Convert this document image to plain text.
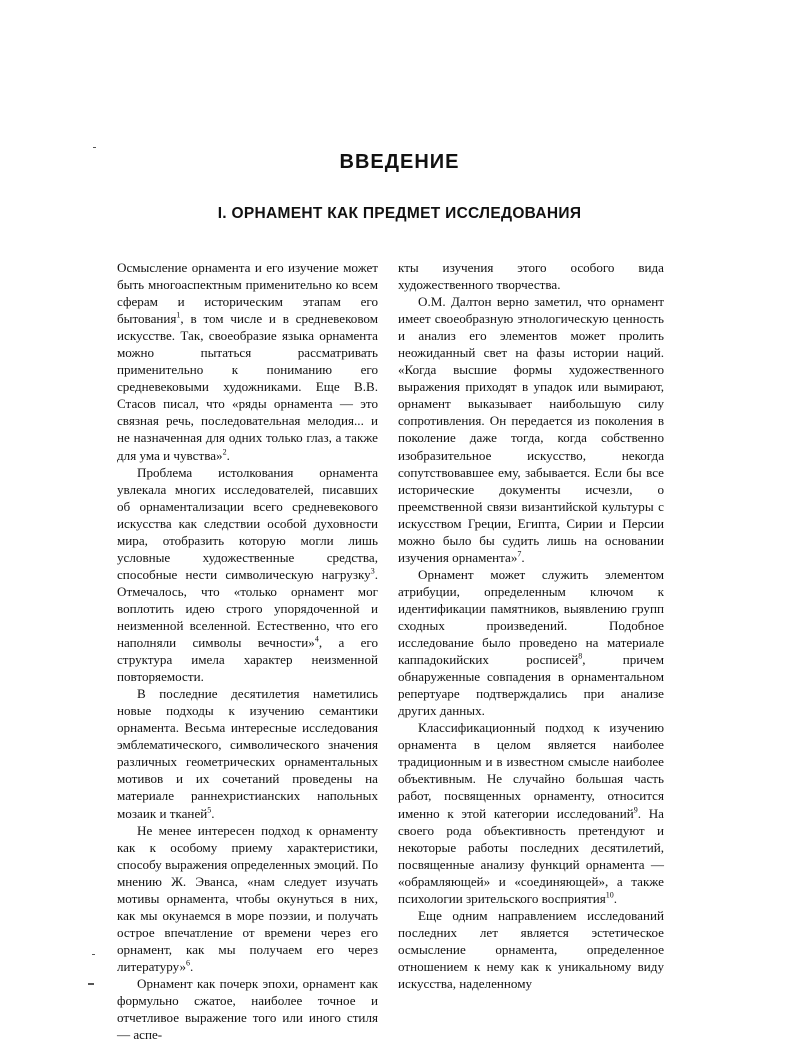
ВВЕДЕНИЕ
I. ОРНАМЕНТ КАК ПРЕДМЕТ ИССЛЕДОВАНИЯ

Осмысление орнамента и его изучение может быть многоаспектным применительно ко всем сферам и историческим этапам его бытования$^1$, в том числе и в средневековом искусстве. Так, своеобразие языка орнамента можно пытаться рассматривать применительно к пониманию его средневековыми художниками. Еще В.В. Стасов писал, что «ряды орнамента — это связная речь, последовательная мелодия... и не назначенная для одних только глаз, а также для ума и чувства»$^2$.

Проблема истолкования орнамента увлекала многих исследователей, писавших об орнаментализации всего средневекового искусства как следствии особой духовности мира, отобразить которую могли лишь условные художественные средства, способные нести символическую нагрузку$^3$. Отмечалось, что «только орнамент мог воплотить идею строго упорядоченной и неизменной вселенной. Естественно, что его наполняли символы вечности»$^4$, а его структура имела характер неизменной повторяемости.

В последние десятилетия наметились новые подходы к изучению семантики орнамента. Весьма интересные исследования эмблематического, символического значения различных геометрических орнаментальных мотивов и их сочетаний проведены на материале раннехристианских напольных мозаик и тканей$^5$.

Не менее интересен подход к орнаменту как к особому приему характеристики, способу выражения определенных эмоций. По мнению Ж. Эванса, «нам следует изучать мотивы орнамента, чтобы окунуться в них, как мы окунаемся в море поэзии, и получать острое впечатление от времени через его орнамент, как мы получаем его через литературу»$^6$.

Орнамент как почерк эпохи, орнамент как формульно сжатое, наиболее точное и отчетливое выражение того или иного стиля — аспе-

кты изучения этого особого вида художественного творчества.

О.М. Далтон верно заметил, что орнамент имеет своеобразную этнологическую ценность и анализ его элементов может пролить неожиданный свет на фазы истории наций. «Когда высшие формы художественного выражения приходят в упадок или вымирают, орнамент выказывает наибольшую силу сопротивления. Он передается из поколения в поколение даже тогда, когда собственно изобразительное искусство, некогда сопутствовавшее ему, забывается. Если бы все исторические документы исчезли, о преемственной связи византийской культуры с искусством Греции, Египта, Сирии и Персии можно было бы судить лишь на основании изучения орнамента»$^7$.

Орнамент может служить элементом атрибуции, определенным ключом к идентификации памятников, выявлению групп сходных произведений. Подобное исследование было проведено на материале каппадокийских росписей$^8$, причем обнаруженные совпадения в орнаментальном репертуаре подтверждались при анализе других данных.

Классификационный подход к изучению орнамента в целом является наиболее традиционным и в известном смысле наиболее объективным. Не случайно большая часть работ, посвященных орнаменту, относится именно к этой категории исследований$^9$. На своего рода объективность претендуют и некоторые работы последних десятилетий, посвященные анализу функций орнамента — «обрамляющей» и «соединяющей», а также психологии зрительского восприятия$^{10}$.

Еще одним направлением исследований последних лет является эстетическое осмысление орнамента, определенное отношением к нему как к уникальному виду искусства, наделенному
